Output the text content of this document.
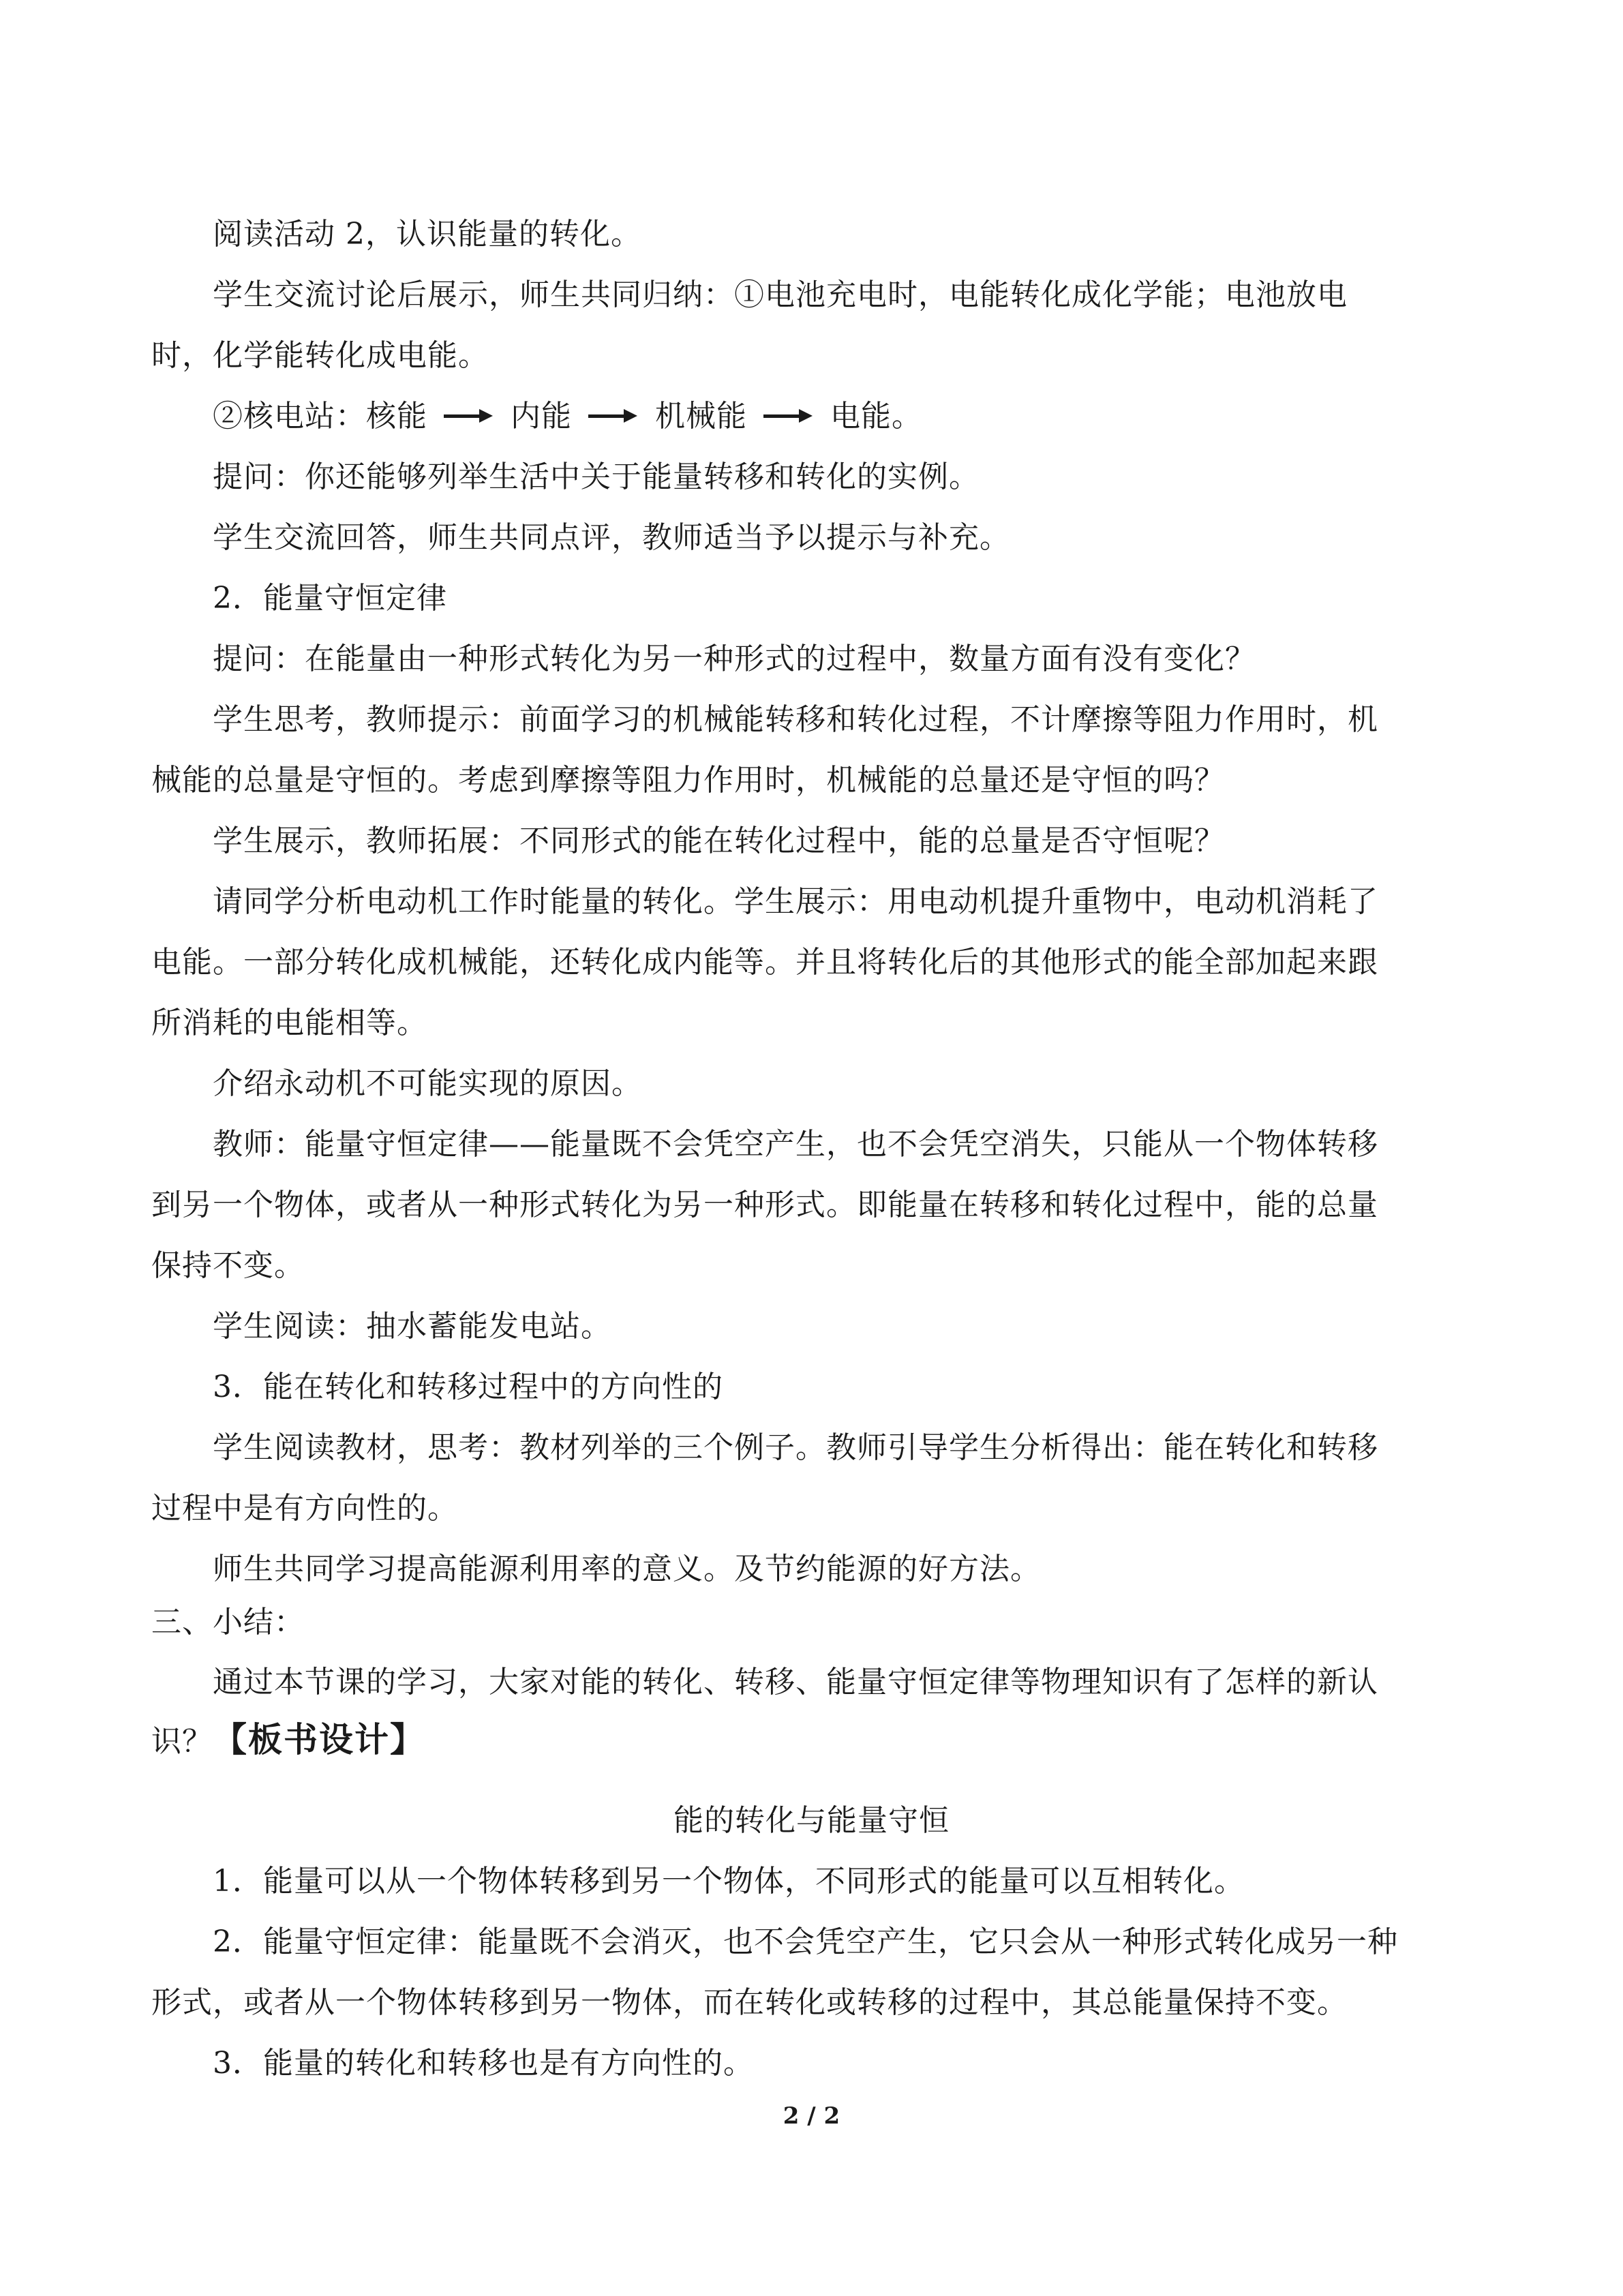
阅读活动 2，认识能量的转化。
学生交流讨论后展示，师生共同归纳：①电池充电时，电能转化成化学能；电池放电
时，化学能转化成电能。
②核电站：核能	内能	机械能	电能。
提问：你还能够列举生活中关于能量转移和转化的实例。
学生交流回答，师生共同点评，教师适当予以提示与补充。
2．能量守恒定律
提问：在能量由一种形式转化为另一种形式的过程中，数量方面有没有变化？
学生思考，教师提示：前面学习的机械能转移和转化过程，不计摩擦等阻力作用时，机
械能的总量是守恒的。考虑到摩擦等阻力作用时，机械能的总量还是守恒的吗？
学生展示，教师拓展：不同形式的能在转化过程中，能的总量是否守恒呢？
请同学分析电动机工作时能量的转化。学生展示：用电动机提升重物中，电动机消耗了
电能。一部分转化成机械能，还转化成内能等。并且将转化后的其他形式的能全部加起来跟
所消耗的电能相等。
介绍永动机不可能实现的原因。
教师：能量守恒定律——能量既不会凭空产生，也不会凭空消失，只能从一个物体转移
到另一个物体，或者从一种形式转化为另一种形式。即能量在转移和转化过程中，能的总量
保持不变。
学生阅读：抽水蓄能发电站。
3．能在转化和转移过程中的方向性的
学生阅读教材，思考：教材列举的三个例子。教师引导学生分析得出：能在转化和转移
过程中是有方向性的。
师生共同学习提高能源利用率的意义。及节约能源的好方法。
三、小结：
通过本节课的学习，大家对能的转化、转移、能量守恒定律等物理知识有了怎样的新认
识？【板书设计】
能的转化与能量守恒
1．能量可以从一个物体转移到另一个物体，不同形式的能量可以互相转化。
2．能量守恒定律：能量既不会消灭，也不会凭空产生，它只会从一种形式转化成另一种
形式，或者从一个物体转移到另一物体，而在转化或转移的过程中，其总能量保持不变。
3．能量的转化和转移也是有方向性的。
2 / 2
